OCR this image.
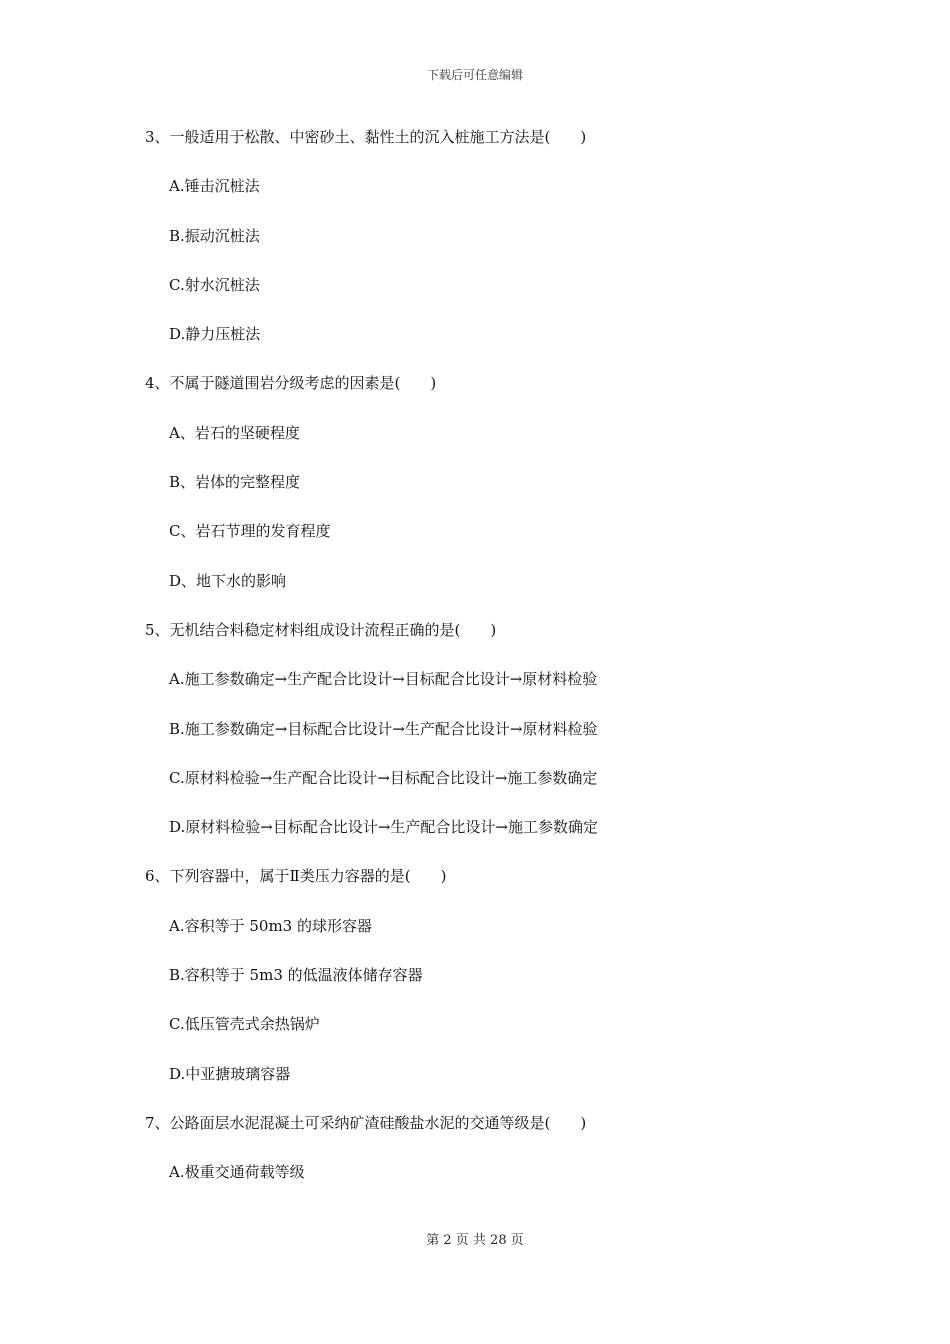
下载后可任意编辑
3、一般适用于松散、中密砂土、黏性土的沉入桩施工方法是(　　)
A.锤击沉桩法
B.振动沉桩法
C.射水沉桩法
D.静力压桩法
4、不属于隧道围岩分级考虑的因素是(　　)
A、岩石的坚硬程度
B、岩体的完整程度
C、岩石节理的发育程度
D、地下水的影响
5、无机结合料稳定材料组成设计流程正确的是(　　)
A.施工参数确定→生产配合比设计→目标配合比设计→原材料检验
B.施工参数确定→目标配合比设计→生产配合比设计→原材料检验
C.原材料检验→生产配合比设计→目标配合比设计→施工参数确定
D.原材料检验→目标配合比设计→生产配合比设计→施工参数确定
6、下列容器中，属于Ⅱ类压力容器的是(　　)
A.容积等于 50m3 的球形容器
B.容积等于 5m3 的低温液体储存容器
C.低压管壳式余热锅炉
D.中亚搪玻璃容器
7、公路面层水泥混凝土可采纳矿渣硅酸盐水泥的交通等级是(　　)
A.极重交通荷载等级
第 2 页 共 28 页
